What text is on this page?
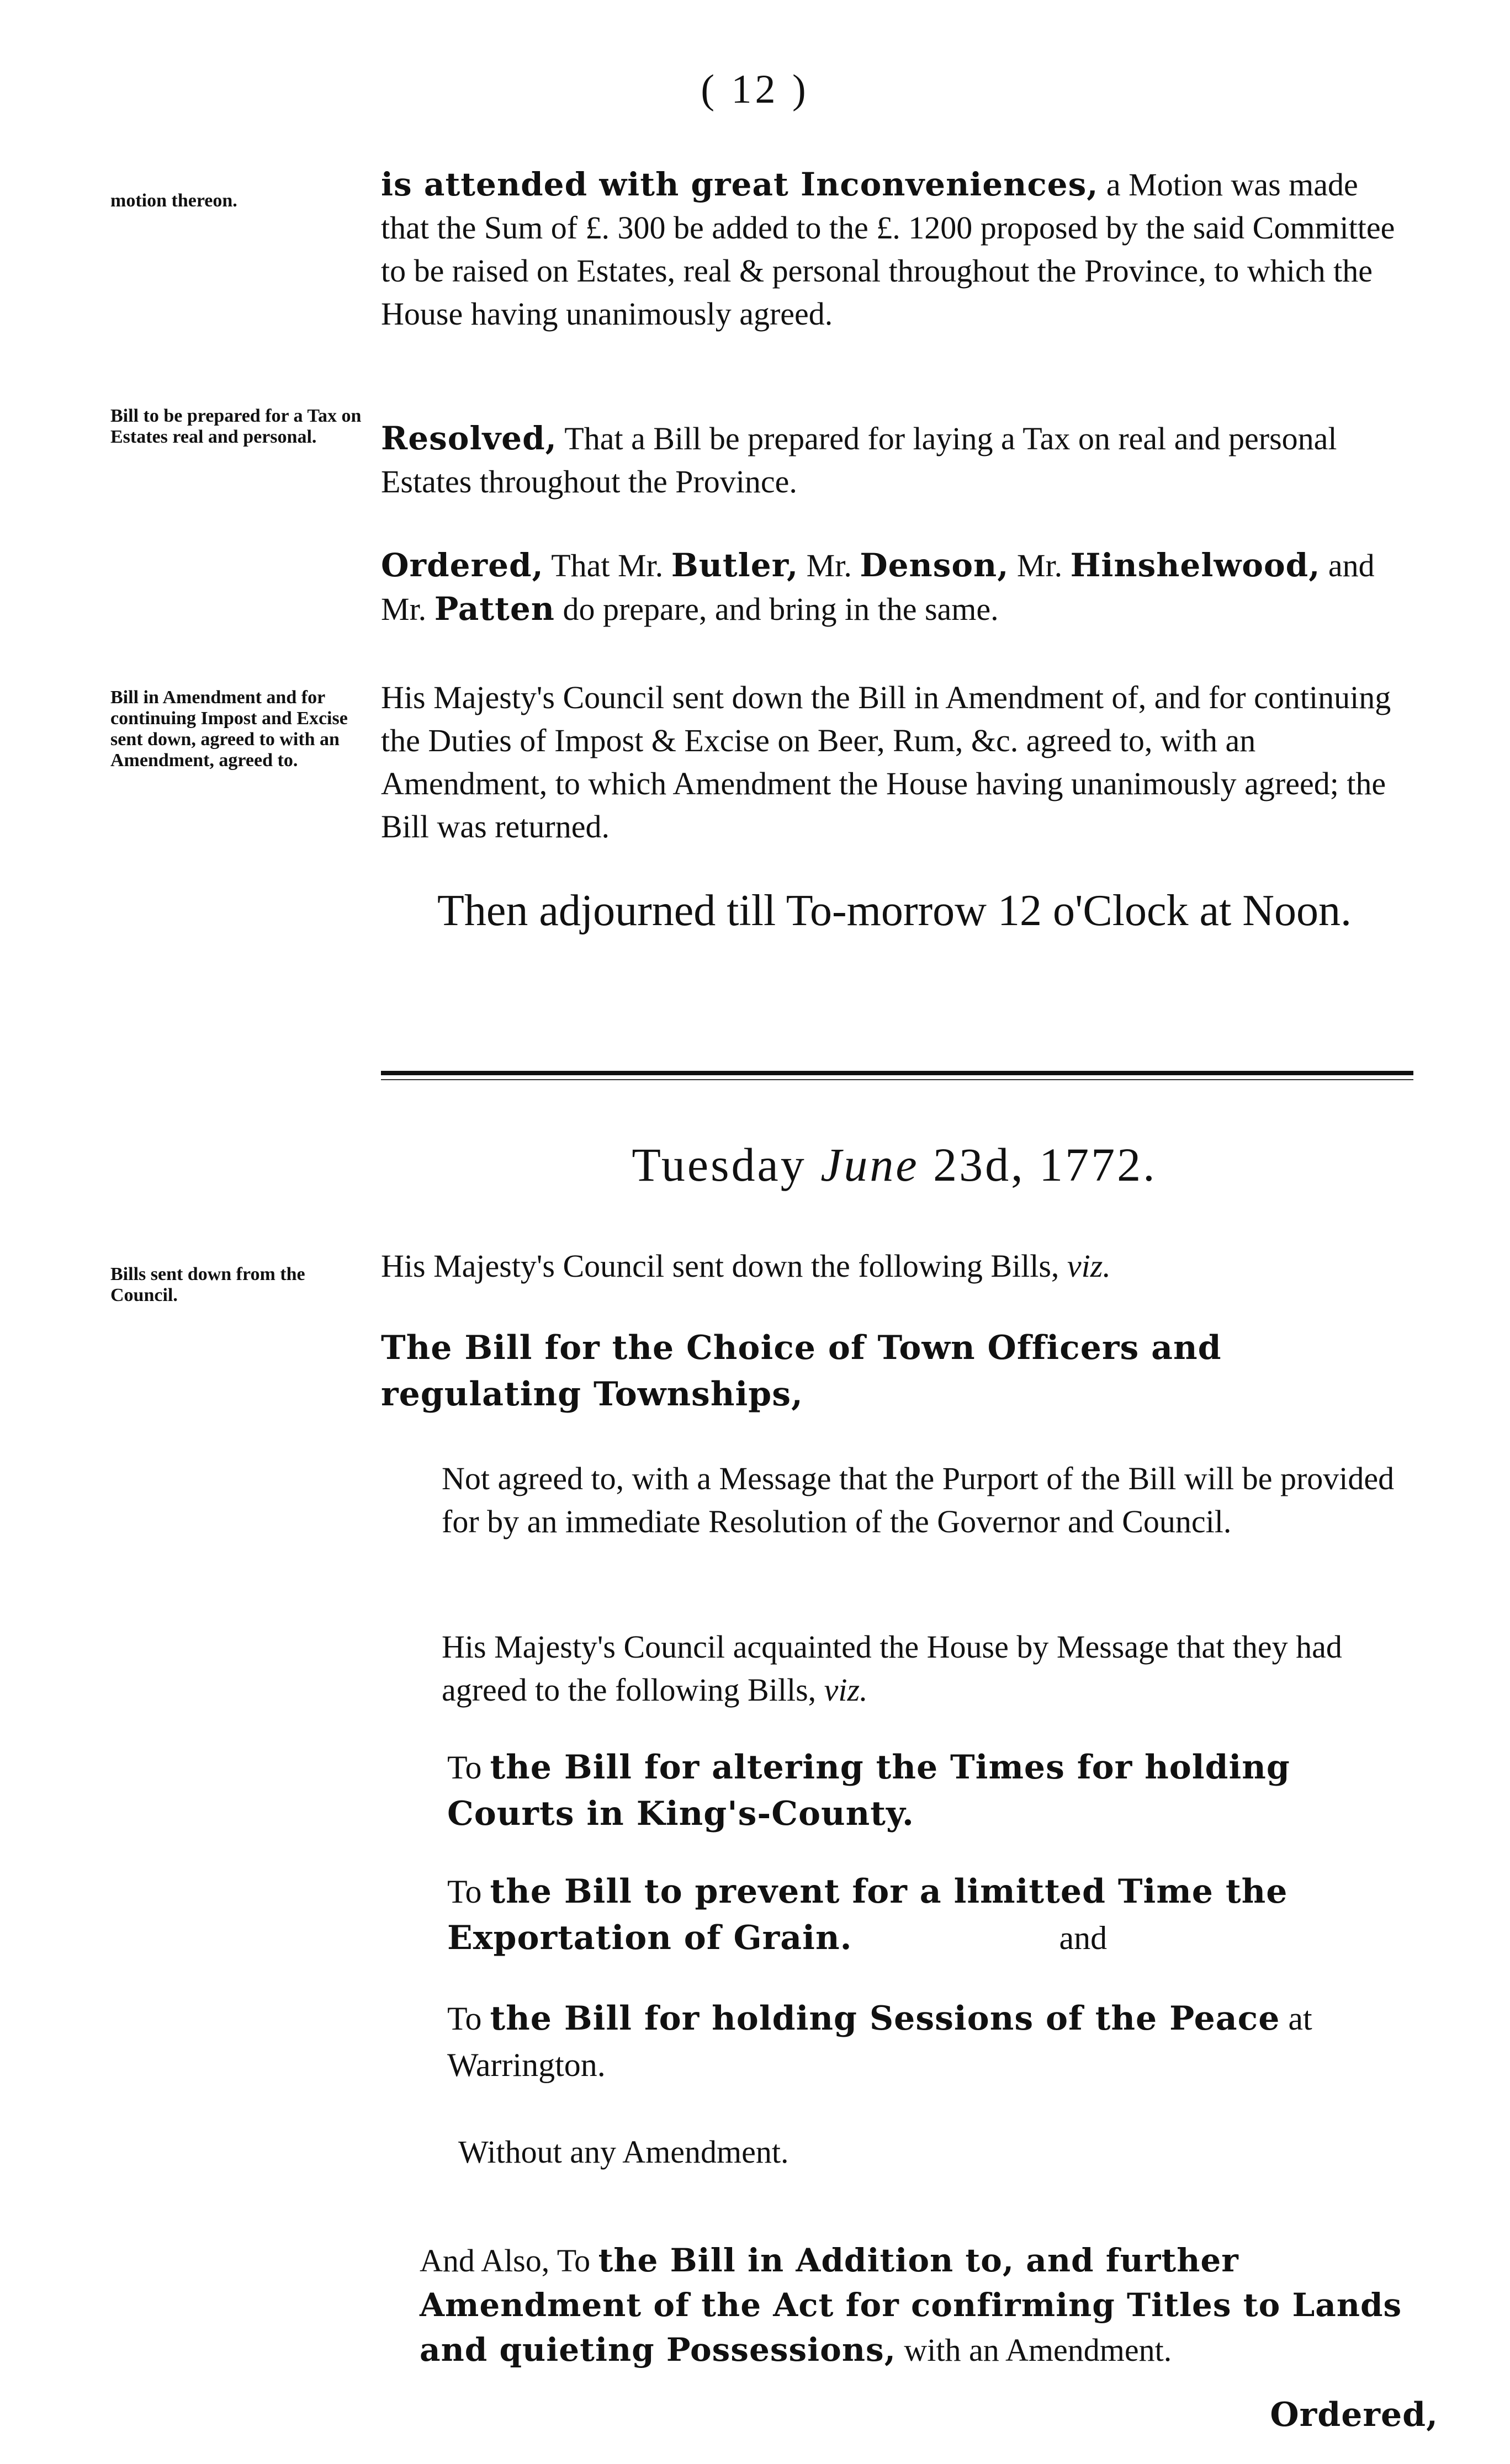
( 12 )
motion thereon.
Bill to be prepared for a Tax on Estates real and personal.
Bill in Amendment and for continuing Impost and Excise sent down, agreed to with an Amendment, agreed to.
Bills sent down from the Council.
is attended with great Inconveniences, a Motion was made that the Sum of £. 300 be added to the £. 1200 proposed by the said Committee to be raised on Estates, real & personal throughout the Province, to which the House having unanimously agreed.
Resolved, That a Bill be prepared for laying a Tax on real and personal Estates throughout the Province.
Ordered, That Mr. Butler, Mr. Denson, Mr. Hinshelwood, and Mr. Patten do prepare, and bring in the same.
His Majesty's Council sent down the Bill in Amendment of, and for continuing the Duties of Impost & Excise on Beer, Rum, &c. agreed to, with an Amendment, to which Amendment the House having unanimously agreed; the Bill was returned.
Then adjourned till To-morrow 12 o'Clock at Noon.
Tuesday June 23d, 1772.
His Majesty's Council sent down the following Bills, viz.
The Bill for the Choice of Town Officers and regulating Townships,
Not agreed to, with a Message that the Purport of the Bill will be provided for by an immediate Resolution of the Governor and Council.
His Majesty's Council acquainted the House by Message that they had agreed to the following Bills, viz.
To the Bill for altering the Times for holding Courts in King's-County.
To the Bill to prevent for a limitted Time the Exportation of Grain.	and
To the Bill for holding Sessions of the Peace at Warrington.
Without any Amendment.
And Also, To the Bill in Addition to, and further Amendment of the Act for confirming Titles to Lands and quieting Possessions, with an Amendment.
Ordered,
